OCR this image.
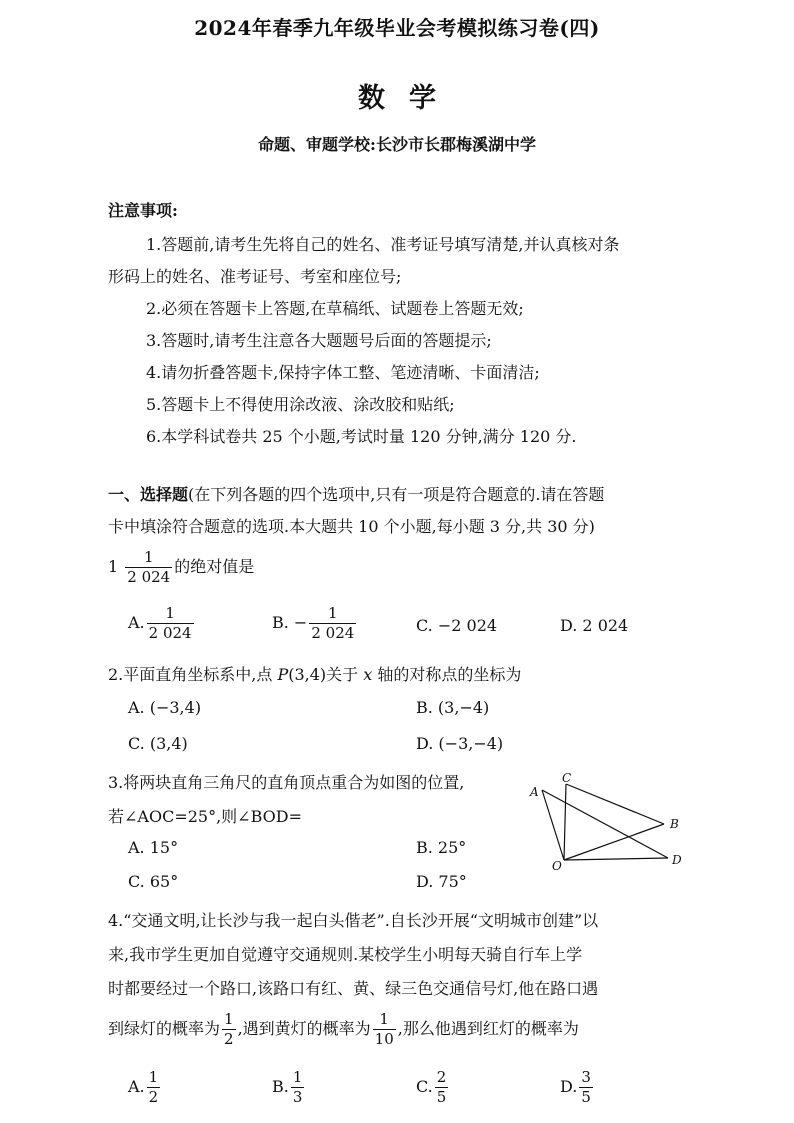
2024年春季九年级毕业会考模拟练习卷(四)
数学
命题、审题学校:长沙市长郡梅溪湖中学
注意事项:
1.答题前,请考生先将自己的姓名、准考证号填写清楚,并认真核对条
形码上的姓名、准考证号、考室和座位号;
2.必须在答题卡上答题,在草稿纸、试题卷上答题无效;
3.答题时,请考生注意各大题题号后面的答题提示;
4.请勿折叠答题卡,保持字体工整、笔迹清晰、卡面清洁;
5.答题卡上不得使用涂改液、涂改胶和贴纸;
6.本学科试卷共 25 个小题,考试时量 120 分钟,满分 120 分.
一、选择题(在下列各题的四个选项中,只有一项是符合题意的.请在答题
卡中填涂符合题意的选项.本大题共 10 个小题,每小题 3 分,共 30 分)
$1 \frac{1}{2 024}$ 的绝对值是
A. $\frac{1}{2 024}$	B. − $\frac{1}{2 024}$	C. −2 024	D. 2 024
2.平面直角坐标系中,点 P(3,4)关于 x 轴的对称点的坐标为
A. (−3,4)	B. (3,−4)
C. (3,4)	D. (−3,−4)
3.将两块直角三角尺的直角顶点重合为如图的位置,
若∠AOC=25°,则∠BOD=
A. 15°	B. 25°
C. 65°	D. 75°
C
A
B
D
O
4.“交通文明,让长沙与我一起白头偕老”.自长沙开展“文明城市创建”以
来,我市学生更加自觉遵守交通规则.某校学生小明每天骑自行车上学
时都要经过一个路口,该路口有红、黄、绿三色交通信号灯,他在路口遇
到绿灯的概率为 $\frac{1}{2}$ ,遇到黄灯的概率为 $\frac{1}{10}$ ,那么他遇到红灯的概率为
A. $\frac{1}{2}$	B. $\frac{1}{3}$	C. $\frac{2}{5}$	D. $\frac{3}{5}$
